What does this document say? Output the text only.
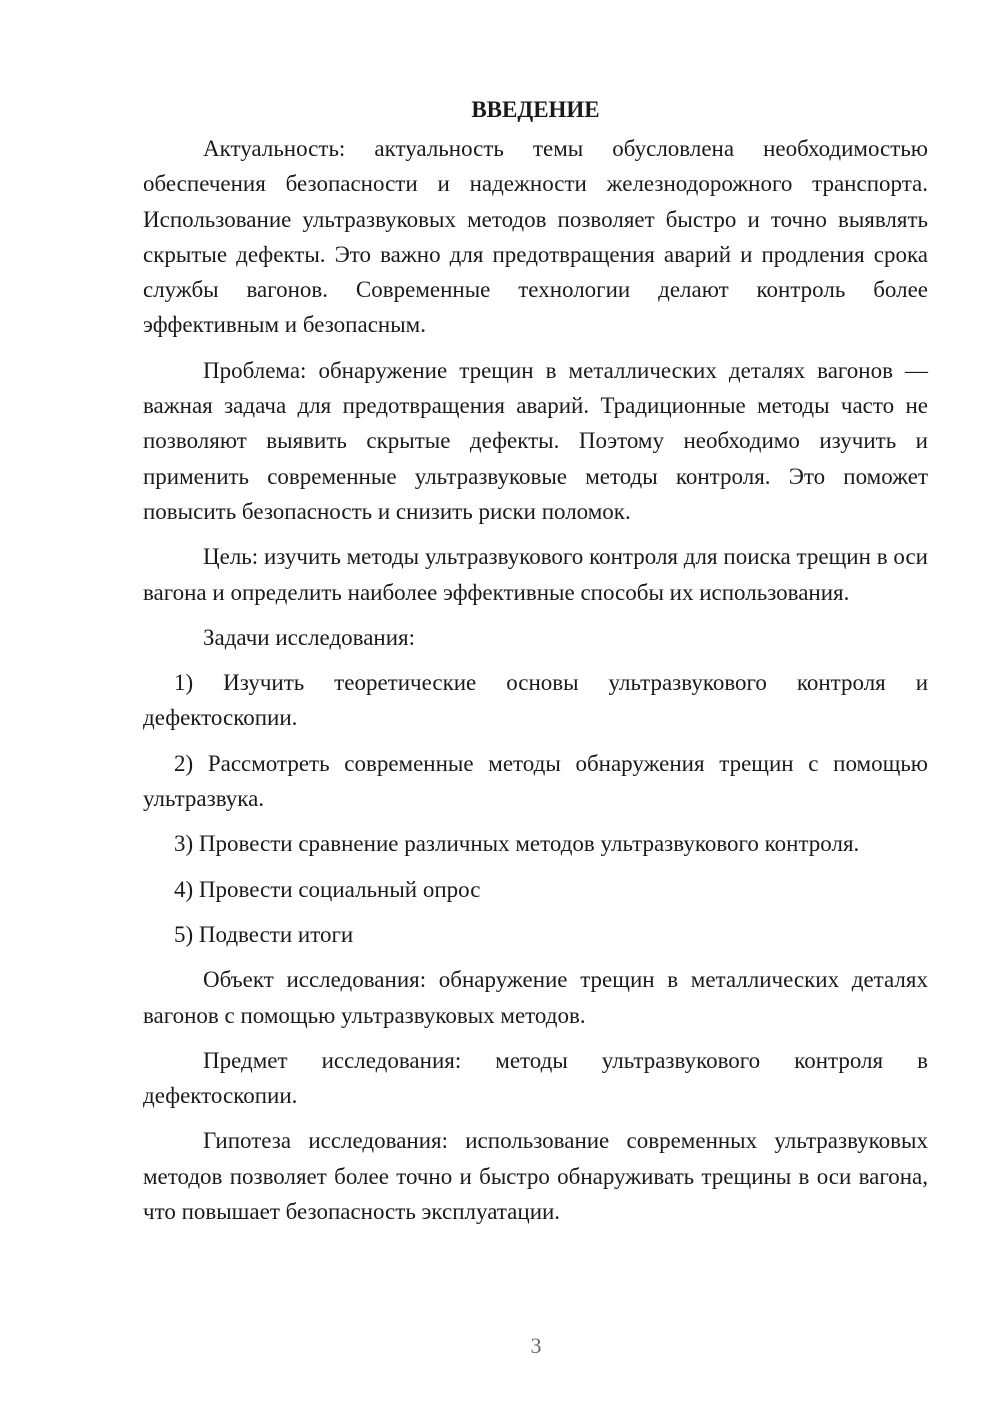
ВВЕДЕНИЕ

Актуальность: актуальность темы обусловлена необходимостью обеспечения безопасности и надежности железнодорожного транспорта. Использование ультразвуковых методов позволяет быстро и точно выявлять скрытые дефекты. Это важно для предотвращения аварий и продления срока службы вагонов. Современные технологии делают контроль более эффективным и безопасным.

Проблема: обнаружение трещин в металлических деталях вагонов — важная задача для предотвращения аварий. Традиционные методы часто не позволяют выявить скрытые дефекты. Поэтому необходимо изучить и применить современные ультразвуковые методы контроля. Это поможет повысить безопасность и снизить риски поломок.

Цель: изучить методы ультразвукового контроля для поиска трещин в оси вагона и определить наиболее эффективные способы их использования.

Задачи исследования:

1) Изучить теоретические основы ультразвукового контроля и дефектоскопии.

2) Рассмотреть современные методы обнаружения трещин с помощью ультразвука.

3) Провести сравнение различных методов ультразвукового контроля.

4) Провести социальный опрос

5) Подвести итоги

Объект исследования: обнаружение трещин в металлических деталях вагонов с помощью ультразвуковых методов.

Предмет исследования: методы ультразвукового контроля в дефектоскопии.

Гипотеза исследования: использование современных ультразвуковых методов позволяет более точно и быстро обнаруживать трещины в оси вагона, что повышает безопасность эксплуатации.

3
